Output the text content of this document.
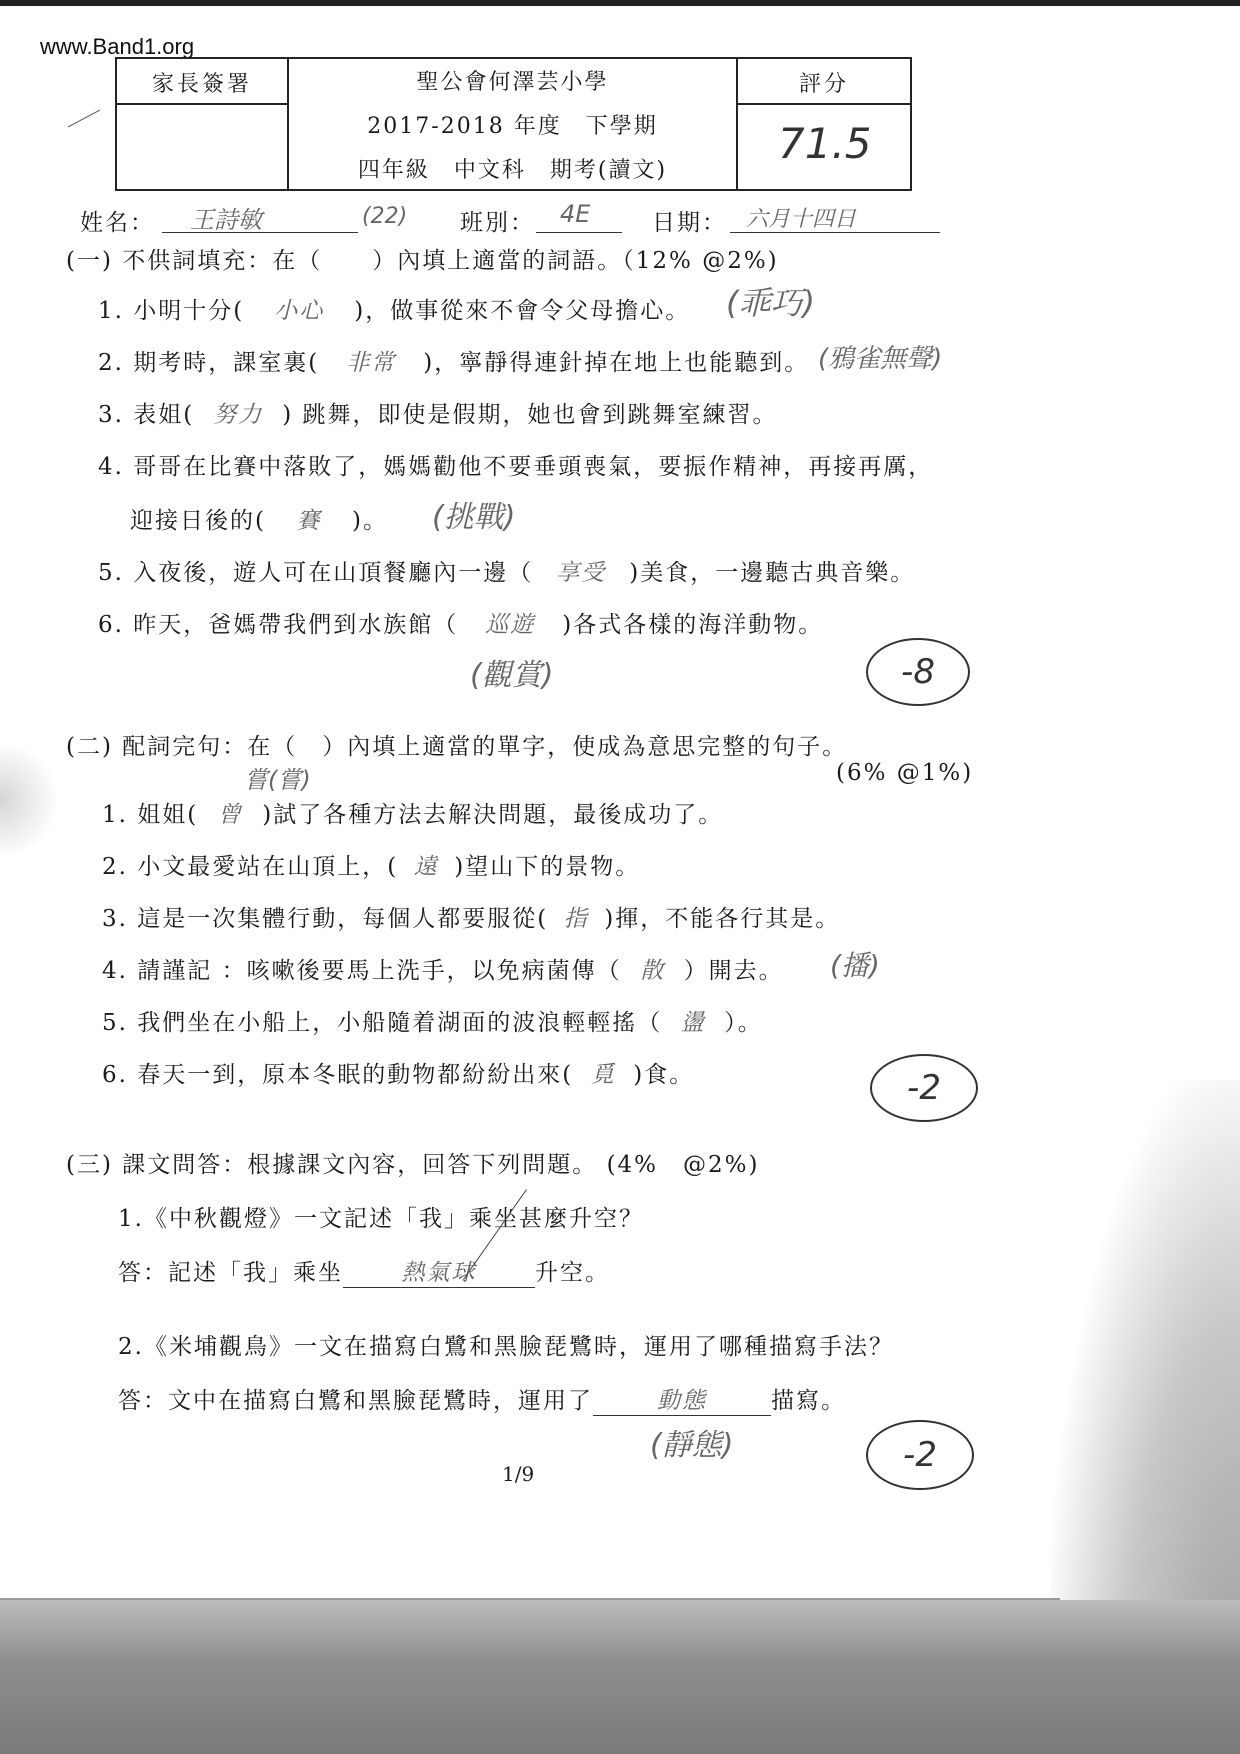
www.Band1.org
家長簽署	聖公會何澤芸小學
2017-2018 年度　下學期
四年級　中文科　期考(讀文)
評分
71.5
姓名： 王詩敏	(22) 班別： 4E	日期： 六月十四日
(一) 不供詞填充：在（　　）內填上適當的詞語。（12% @2%)
1. 小明十分( 小心 )，做事從來不會令父母擔心。 (乖巧)
2. 期考時，課室裏( 非常 )，寧靜得連針掉在地上也能聽到。 (鴉雀無聲)
3. 表姐( 努力 ) 跳舞，即使是假期，她也會到跳舞室練習。
4. 哥哥在比賽中落敗了，媽媽勸他不要垂頭喪氣，要振作精神，再接再厲，
迎接日後的( 賽 )。 (挑戰)
5. 入夜後，遊人可在山頂餐廳內一邊（ 享受 )美食，一邊聽古典音樂。
6. 昨天，爸媽帶我們到水族館（ 巡遊 )各式各樣的海洋動物。
(觀賞)	-8
(二) 配詞完句：在（　）內填上適當的單字，使成為意思完整的句子。
(6% @1%)
嘗(嘗)
1. 姐姐( 曾 )試了各種方法去解決問題，最後成功了。
2. 小文最愛站在山頂上，( 遠 )望山下的景物。
3. 這是一次集體行動，每個人都要服從( 指 )揮，不能各行其是。
4. 請謹記 ：咳嗽後要馬上洗手，以免病菌傳（ 散 ）開去。 (播)
5. 我們坐在小船上，小船隨着湖面的波浪輕輕搖（ 盪 ）。
6. 春天一到，原本冬眠的動物都紛紛出來( 覓 )食。	-2
(三) 課文問答：根據課文內容，回答下列問題。 (4%　@2%)
1.《中秋觀燈》一文記述「我」乘坐甚麼升空？
答：記述「我」乘坐	熱氣球	升空。
2.《米埔觀鳥》一文在描寫白鷺和黑臉琵鷺時，運用了哪種描寫手法？
答：文中在描寫白鷺和黑臉琵鷺時，運用了	動態	描寫。
(靜態)	-2
1/9
